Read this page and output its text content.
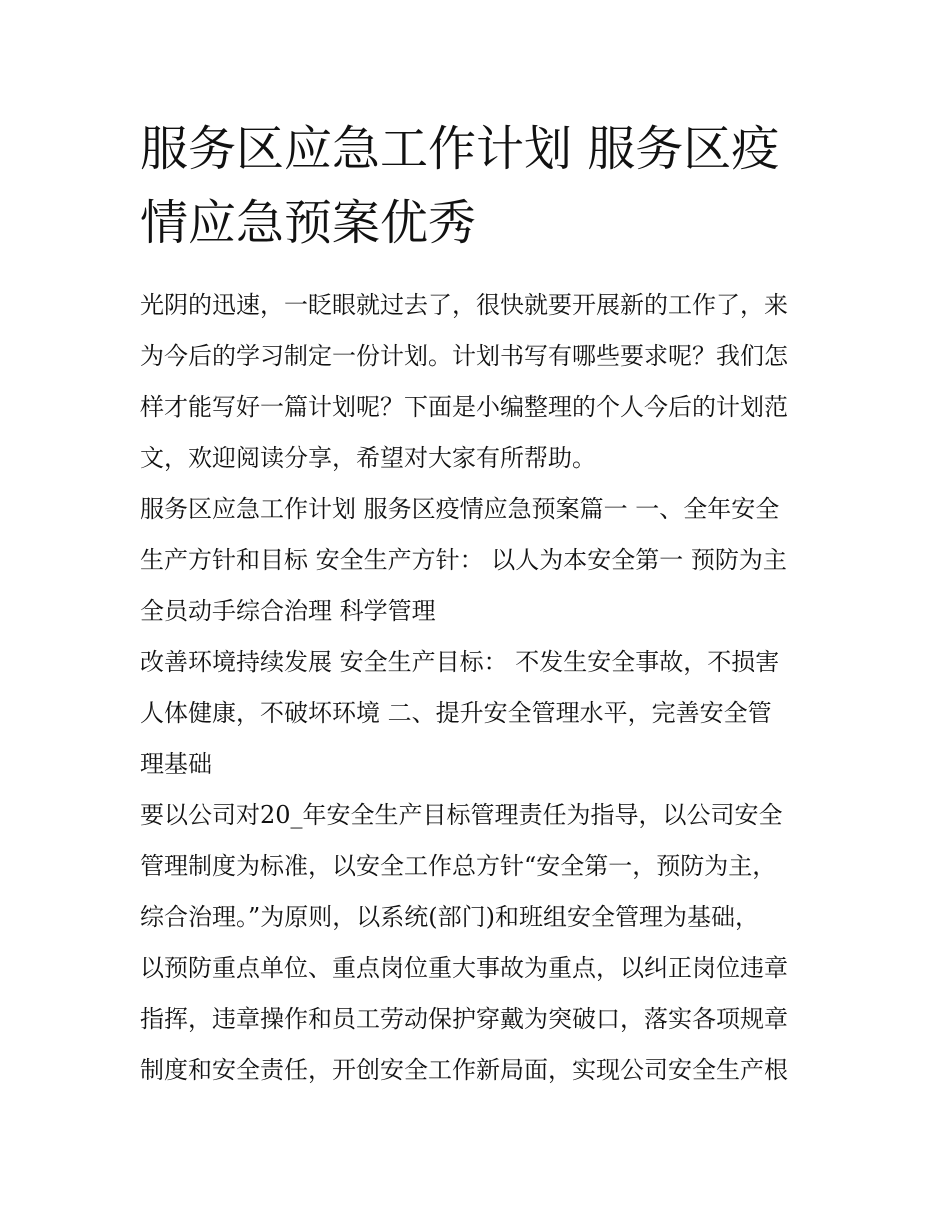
服务区应急工作计划 服务区疫
情应急预案优秀

光阴的迅速，一眨眼就过去了，很快就要开展新的工作了，来
为今后的学习制定一份计划。计划书写有哪些要求呢？我们怎
样才能写好一篇计划呢？下面是小编整理的个人今后的计划范
文，欢迎阅读分享，希望对大家有所帮助。

服务区应急工作计划 服务区疫情应急预案篇一 一、全年安全
生产方针和目标 安全生产方针： 以人为本安全第一 预防为主
全员动手综合治理 科学管理

改善环境持续发展 安全生产目标： 不发生安全事故，不损害
人体健康，不破坏环境 二、提升安全管理水平，完善安全管
理基础

要以公司对20_年安全生产目标管理责任为指导，以公司安全
管理制度为标准，以安全工作总方针“安全第一，预防为主，
综合治理。”为原则，以系统(部门)和班组安全管理为基础，
以预防重点单位、重点岗位重大事故为重点，以纠正岗位违章
指挥，违章操作和员工劳动保护穿戴为突破口，落实各项规章
制度和安全责任，开创安全工作新局面，实现公司安全生产根
